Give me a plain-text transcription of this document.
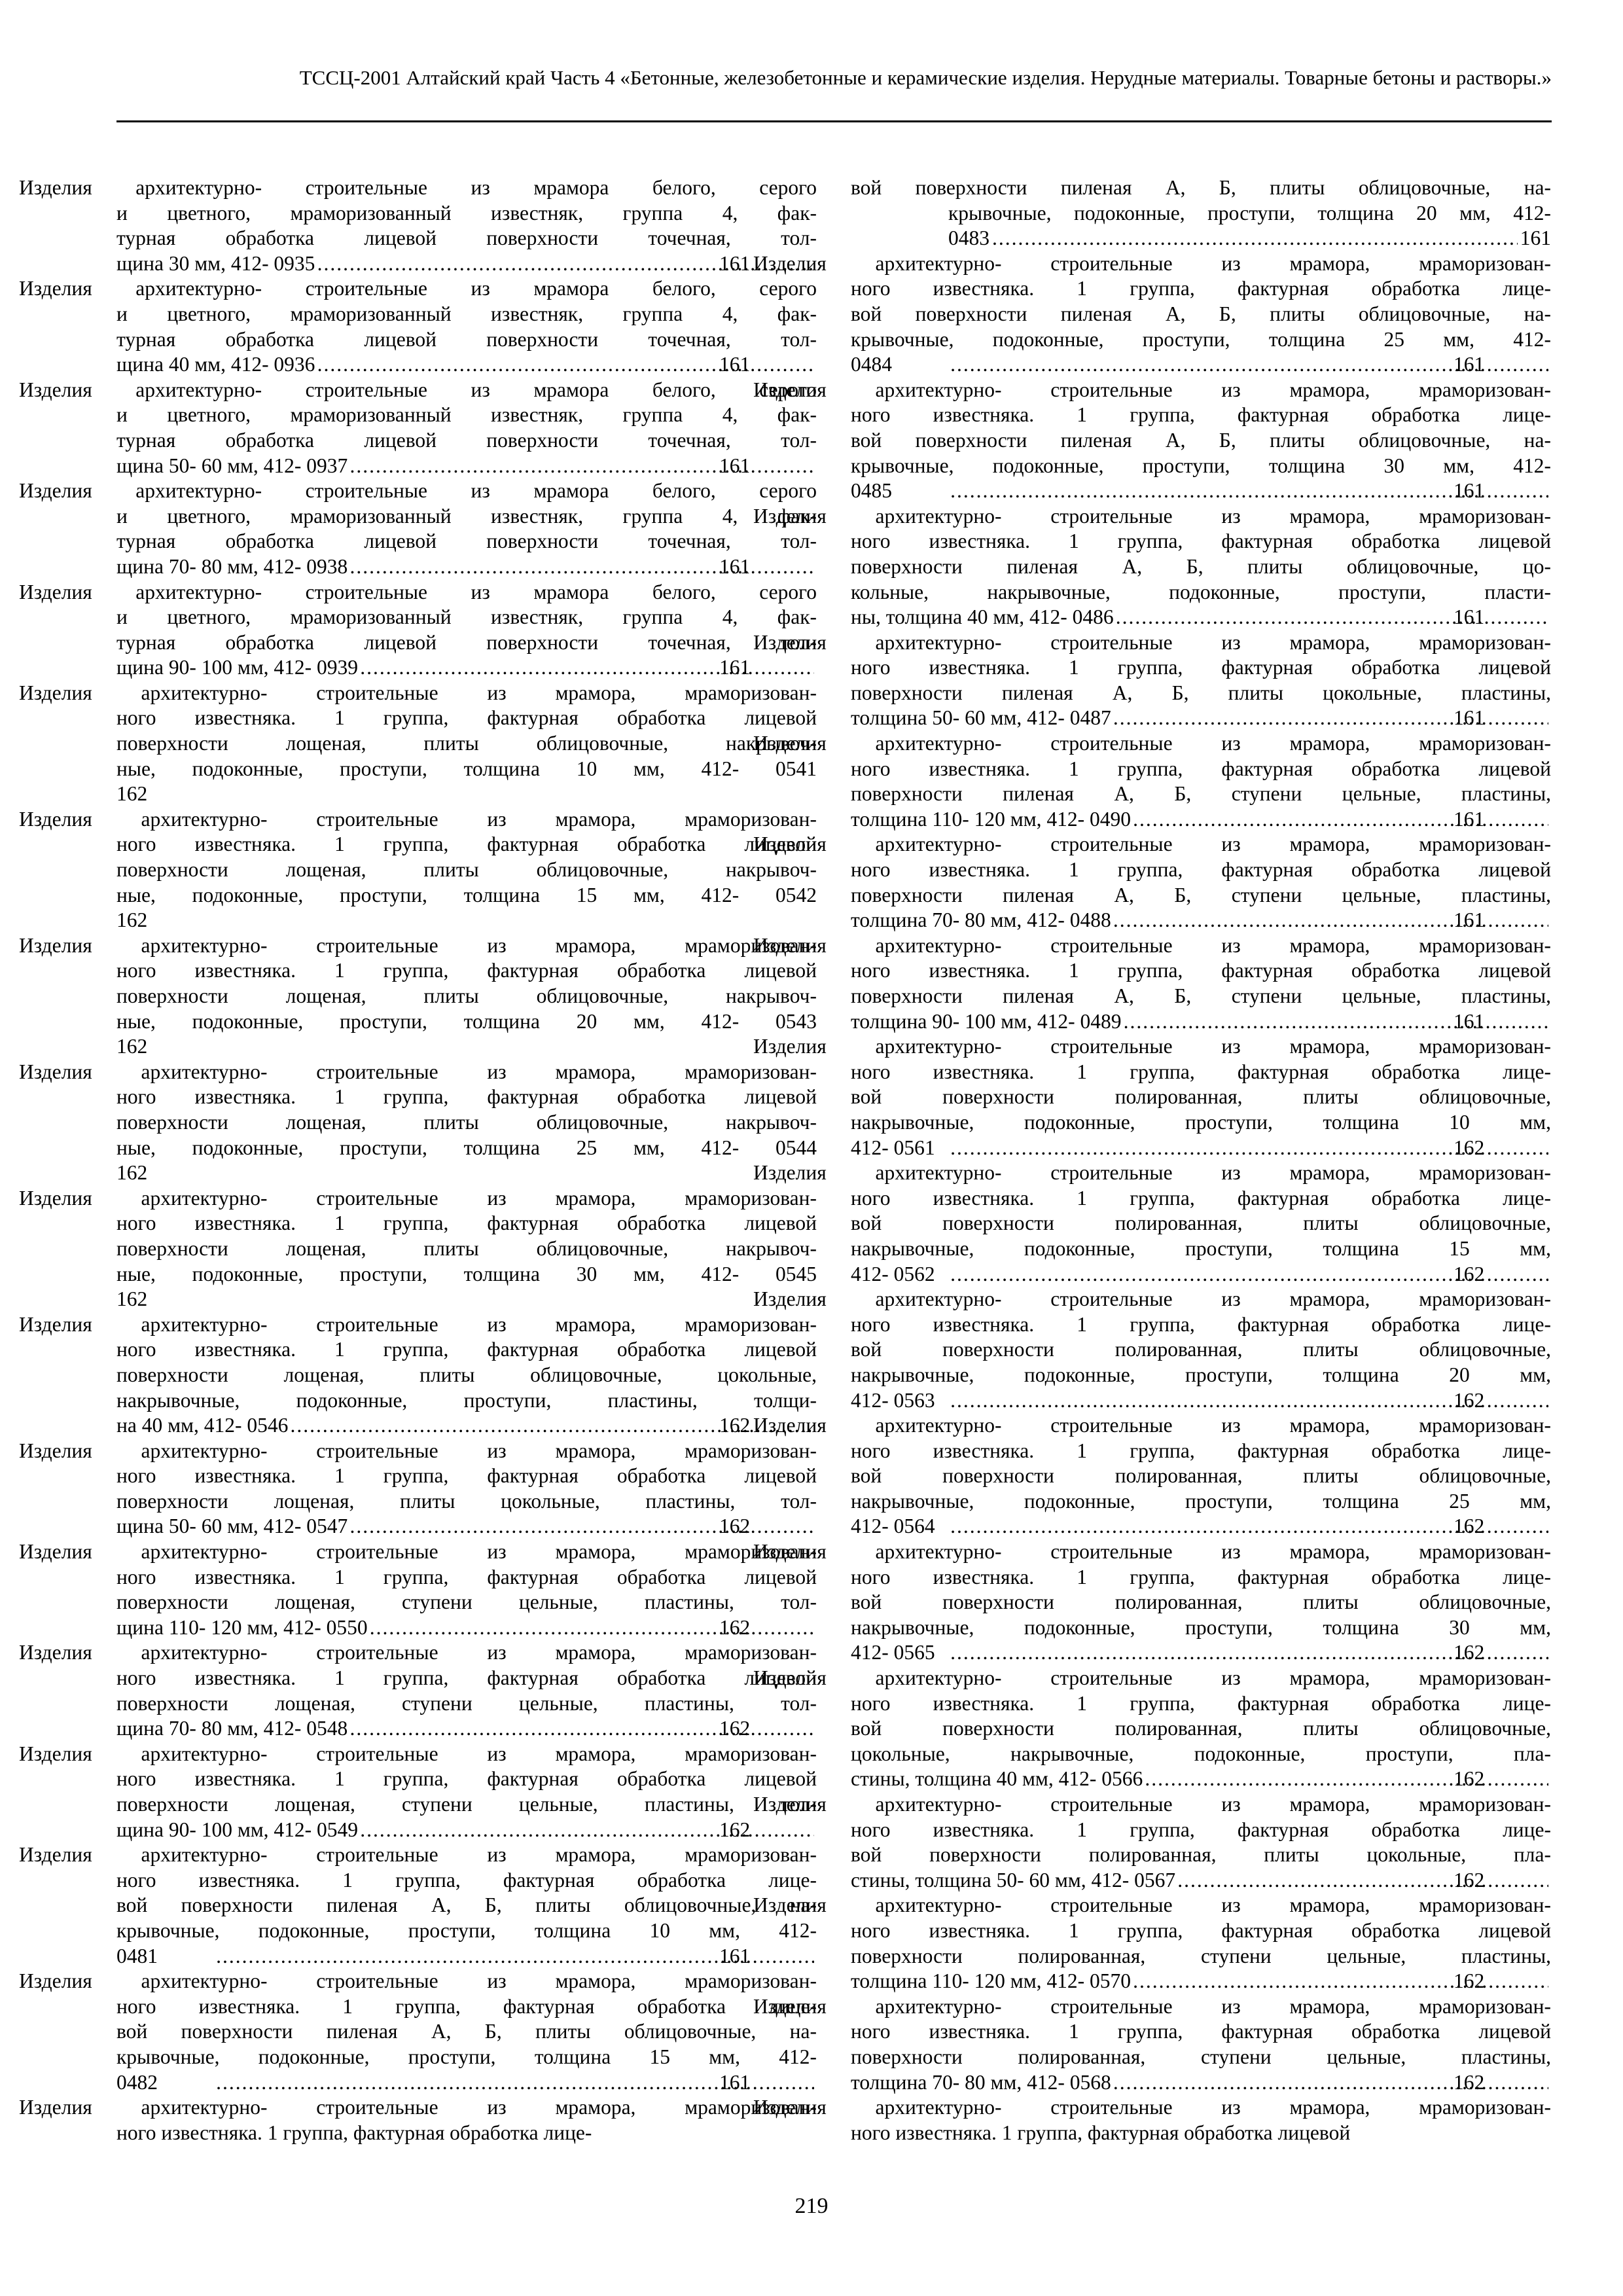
ТССЦ-2001 Алтайский край Часть 4 «Бетонные, железобетонные и керамические изделия. Нерудные материалы. Товарные бетоны и растворы.»
Изделия архитектурно- строительные из мрамора белого, серого
и цветного, мраморизованный известняк, группа 4, фак-
турная обработка лицевой поверхности точечная, тол-
щина 30 мм, 412- 0935 .....	161
Изделия архитектурно- строительные из мрамора белого, серого
и цветного, мраморизованный известняк, группа 4, фак-
турная обработка лицевой поверхности точечная, тол-
щина 40 мм, 412- 0936 .....	161
Изделия архитектурно- строительные из мрамора белого, серого
и цветного, мраморизованный известняк, группа 4, фак-
турная обработка лицевой поверхности точечная, тол-
щина 50- 60 мм, 412- 0937 .....	161
Изделия архитектурно- строительные из мрамора белого, серого
и цветного, мраморизованный известняк, группа 4, фак-
турная обработка лицевой поверхности точечная, тол-
щина 70- 80 мм, 412- 0938 .....	161
Изделия архитектурно- строительные из мрамора белого, серого
и цветного, мраморизованный известняк, группа 4, фак-
турная обработка лицевой поверхности точечная, тол-
щина 90- 100 мм, 412- 0939 .....	161
Изделия архитектурно- строительные из мрамора, мраморизован-
ного известняка. 1 группа, фактурная обработка лицевой
поверхности лощеная, плиты облицовочные, накрывоч-
ные, подоконные, проступи, толщина 10 мм, 412- 0541
162
Изделия архитектурно- строительные из мрамора, мраморизован-
ного известняка. 1 группа, фактурная обработка лицевой
поверхности лощеная, плиты облицовочные, накрывоч-
ные, подоконные, проступи, толщина 15 мм, 412- 0542
162
Изделия архитектурно- строительные из мрамора, мраморизован-
ного известняка. 1 группа, фактурная обработка лицевой
поверхности лощеная, плиты облицовочные, накрывоч-
ные, подоконные, проступи, толщина 20 мм, 412- 0543
162
Изделия архитектурно- строительные из мрамора, мраморизован-
ного известняка. 1 группа, фактурная обработка лицевой
поверхности лощеная, плиты облицовочные, накрывоч-
ные, подоконные, проступи, толщина 25 мм, 412- 0544
162
Изделия архитектурно- строительные из мрамора, мраморизован-
ного известняка. 1 группа, фактурная обработка лицевой
поверхности лощеная, плиты облицовочные, накрывоч-
ные, подоконные, проступи, толщина 30 мм, 412- 0545
162
Изделия архитектурно- строительные из мрамора, мраморизован-
ного известняка. 1 группа, фактурная обработка лицевой
поверхности лощеная, плиты облицовочные, цокольные,
накрывочные, подоконные, проступи, пластины, толщи-
на 40 мм, 412- 0546 .....	162
Изделия архитектурно- строительные из мрамора, мраморизован-
ного известняка. 1 группа, фактурная обработка лицевой
поверхности лощеная, плиты цокольные, пластины, тол-
щина 50- 60 мм, 412- 0547 .....	162
Изделия архитектурно- строительные из мрамора, мраморизован-
ного известняка. 1 группа, фактурная обработка лицевой
поверхности лощеная, ступени цельные, пластины, тол-
щина 110- 120 мм, 412- 0550 .....	162
Изделия архитектурно- строительные из мрамора, мраморизован-
ного известняка. 1 группа, фактурная обработка лицевой
поверхности лощеная, ступени цельные, пластины, тол-
щина 70- 80 мм, 412- 0548 .....	162
Изделия архитектурно- строительные из мрамора, мраморизован-
ного известняка. 1 группа, фактурная обработка лицевой
поверхности лощеная, ступени цельные, пластины, тол-
щина 90- 100 мм, 412- 0549 .....	162
Изделия архитектурно- строительные из мрамора, мраморизован-
ного известняка. 1 группа, фактурная обработка лице-
вой поверхности пиленая А, Б, плиты облицовочные, на-
крывочные, подоконные, проступи, толщина 10 мм, 412-
0481 .....	161
Изделия архитектурно- строительные из мрамора, мраморизован-
ного известняка. 1 группа, фактурная обработка лице-
вой поверхности пиленая А, Б, плиты облицовочные, на-
крывочные, подоконные, проступи, толщина 15 мм, 412-
0482 .....	161
Изделия архитектурно- строительные из мрамора, мраморизован-
ного известняка. 1 группа, фактурная обработка лице-
вой поверхности пиленая А, Б, плиты облицовочные, на-
крывочные, подоконные, проступи, толщина 20 мм, 412-
0483 .....	161
Изделия архитектурно- строительные из мрамора, мраморизован-
ного известняка. 1 группа, фактурная обработка лице-
вой поверхности пиленая А, Б, плиты облицовочные, на-
крывочные, подоконные, проступи, толщина 25 мм, 412-
0484 .....	161
Изделия архитектурно- строительные из мрамора, мраморизован-
ного известняка. 1 группа, фактурная обработка лице-
вой поверхности пиленая А, Б, плиты облицовочные, на-
крывочные, подоконные, проступи, толщина 30 мм, 412-
0485 .....	161
Изделия архитектурно- строительные из мрамора, мраморизован-
ного известняка. 1 группа, фактурная обработка лицевой
поверхности пиленая А, Б, плиты облицовочные, цо-
кольные, накрывочные, подоконные, проступи, пласти-
ны, толщина 40 мм, 412- 0486 .....	161
Изделия архитектурно- строительные из мрамора, мраморизован-
ного известняка. 1 группа, фактурная обработка лицевой
поверхности пиленая А, Б, плиты цокольные, пластины,
толщина 50- 60 мм, 412- 0487 .....	161
Изделия архитектурно- строительные из мрамора, мраморизован-
ного известняка. 1 группа, фактурная обработка лицевой
поверхности пиленая А, Б, ступени цельные, пластины,
толщина 110- 120 мм, 412- 0490 .....	161
Изделия архитектурно- строительные из мрамора, мраморизован-
ного известняка. 1 группа, фактурная обработка лицевой
поверхности пиленая А, Б, ступени цельные, пластины,
толщина 70- 80 мм, 412- 0488 .....	161
Изделия архитектурно- строительные из мрамора, мраморизован-
ного известняка. 1 группа, фактурная обработка лицевой
поверхности пиленая А, Б, ступени цельные, пластины,
толщина 90- 100 мм, 412- 0489 .....	161
Изделия архитектурно- строительные из мрамора, мраморизован-
ного известняка. 1 группа, фактурная обработка лице-
вой поверхности полированная, плиты облицовочные,
накрывочные, подоконные, проступи, толщина 10 мм,
412- 0561 .....	162
Изделия архитектурно- строительные из мрамора, мраморизован-
ного известняка. 1 группа, фактурная обработка лице-
вой поверхности полированная, плиты облицовочные,
накрывочные, подоконные, проступи, толщина 15 мм,
412- 0562 .....	162
Изделия архитектурно- строительные из мрамора, мраморизован-
ного известняка. 1 группа, фактурная обработка лице-
вой поверхности полированная, плиты облицовочные,
накрывочные, подоконные, проступи, толщина 20 мм,
412- 0563 .....	162
Изделия архитектурно- строительные из мрамора, мраморизован-
ного известняка. 1 группа, фактурная обработка лице-
вой поверхности полированная, плиты облицовочные,
накрывочные, подоконные, проступи, толщина 25 мм,
412- 0564 .....	162
Изделия архитектурно- строительные из мрамора, мраморизован-
ного известняка. 1 группа, фактурная обработка лице-
вой поверхности полированная, плиты облицовочные,
накрывочные, подоконные, проступи, толщина 30 мм,
412- 0565 .....	162
Изделия архитектурно- строительные из мрамора, мраморизован-
ного известняка. 1 группа, фактурная обработка лице-
вой поверхности полированная, плиты облицовочные,
цокольные, накрывочные, подоконные, проступи, пла-
стины, толщина 40 мм, 412- 0566 .....	162
Изделия архитектурно- строительные из мрамора, мраморизован-
ного известняка. 1 группа, фактурная обработка лице-
вой поверхности полированная, плиты цокольные, пла-
стины, толщина 50- 60 мм, 412- 0567 .....	162
Изделия архитектурно- строительные из мрамора, мраморизован-
ного известняка. 1 группа, фактурная обработка лицевой
поверхности полированная, ступени цельные, пластины,
толщина 110- 120 мм, 412- 0570 .....	162
Изделия архитектурно- строительные из мрамора, мраморизован-
ного известняка. 1 группа, фактурная обработка лицевой
поверхности полированная, ступени цельные, пластины,
толщина 70- 80 мм, 412- 0568 .....	162
Изделия архитектурно- строительные из мрамора, мраморизован-
ного известняка. 1 группа, фактурная обработка лицевой
219
